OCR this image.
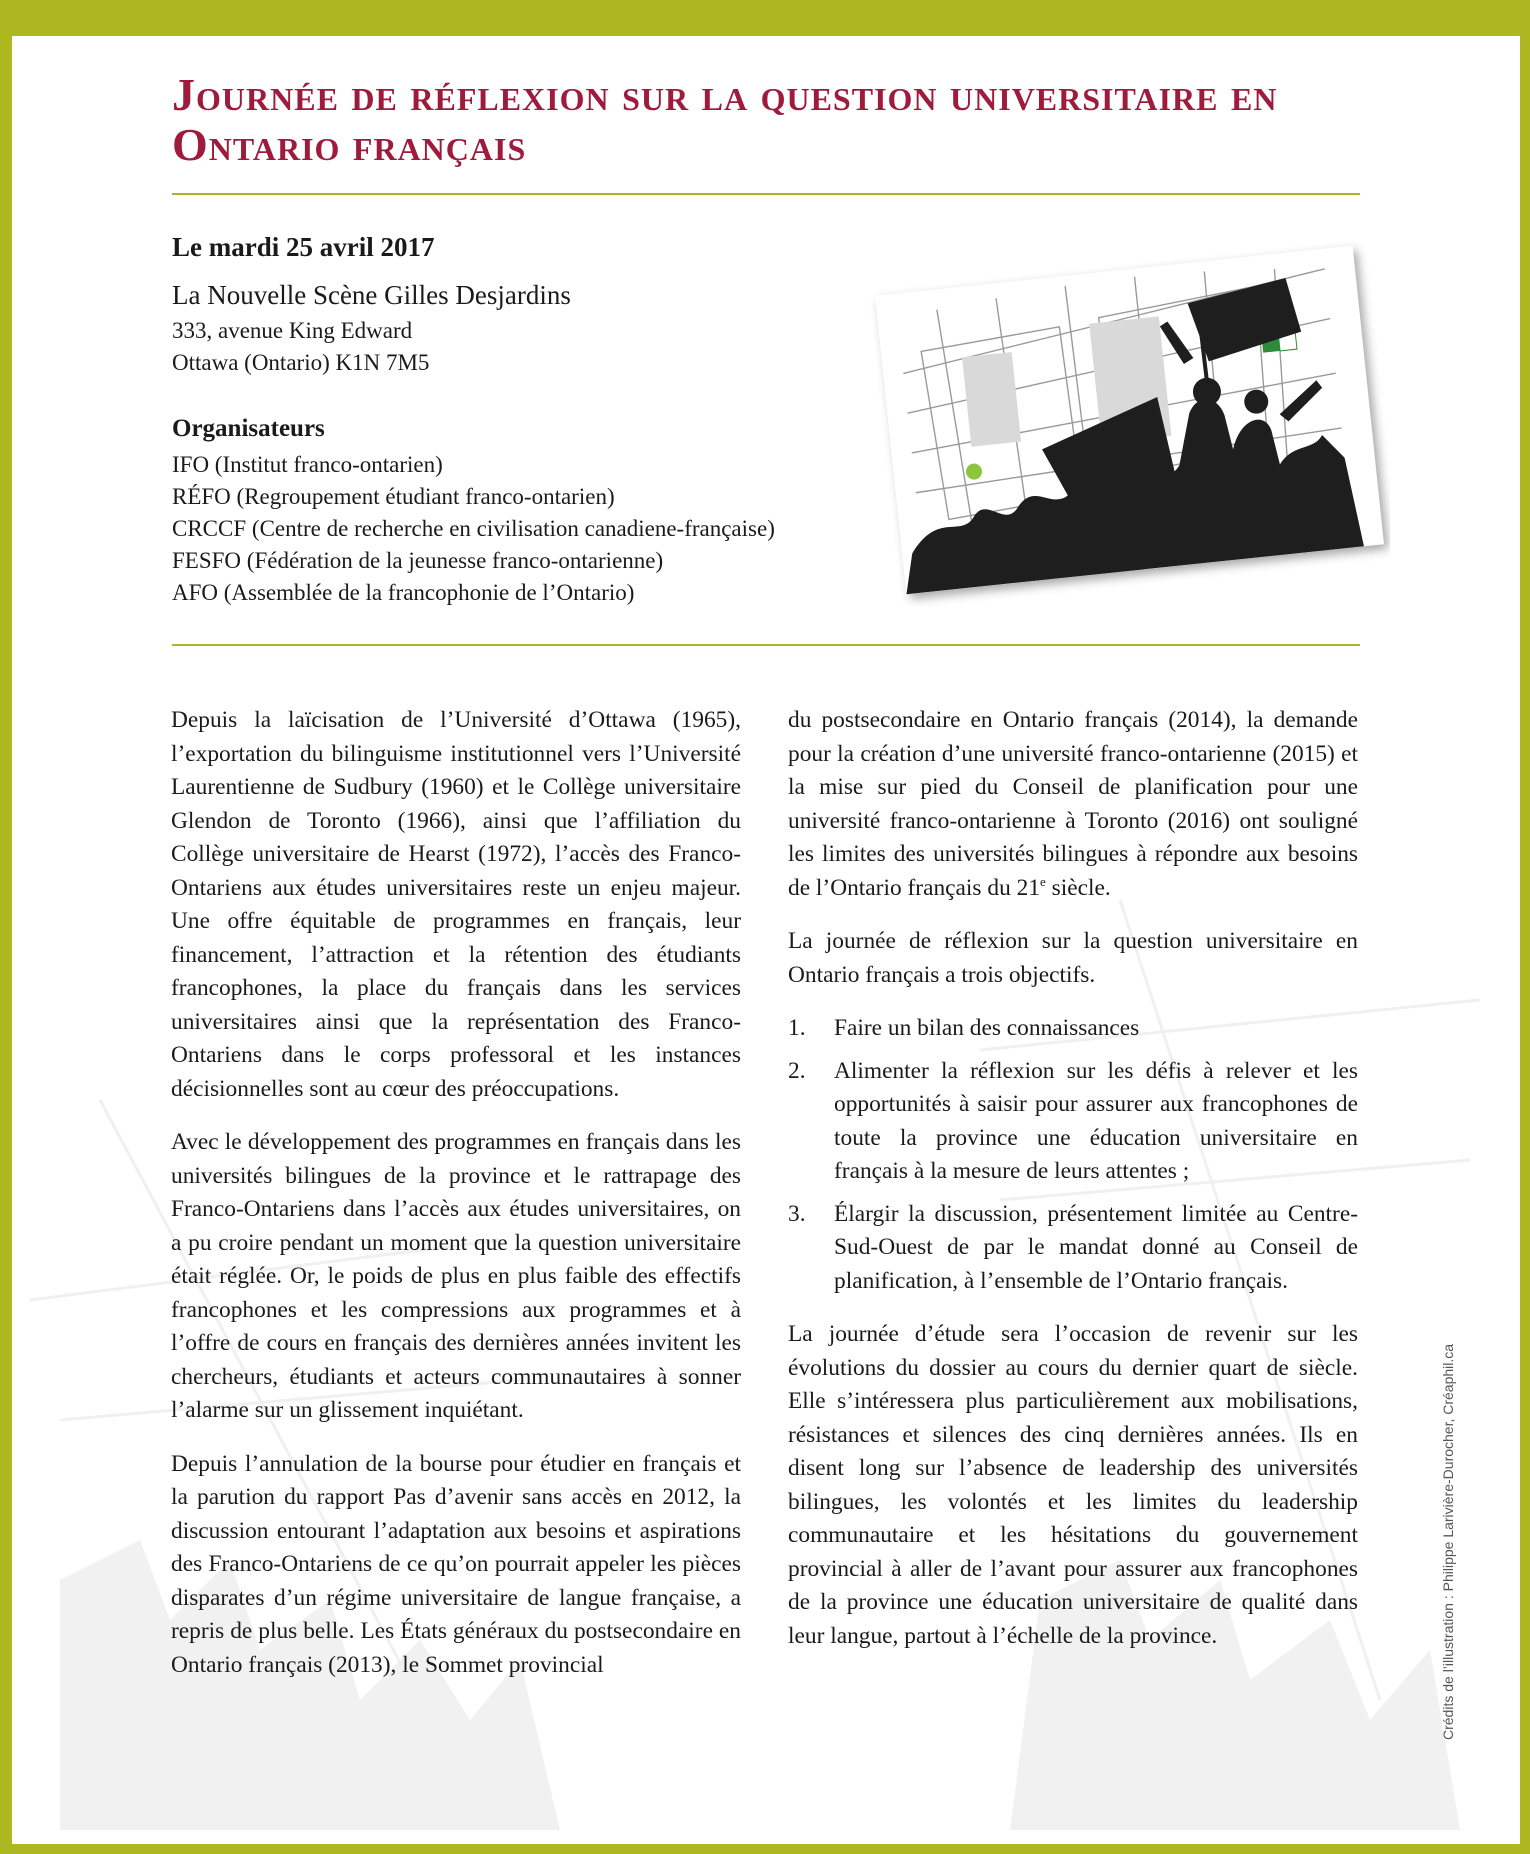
Journée de réflexion sur la question universitaire en Ontario français
Le mardi 25 avril 2017
La Nouvelle Scène Gilles Desjardins
333, avenue King Edward
Ottawa (Ontario) K1N 7M5
Organisateurs
IFO (Institut franco-ontarien)
RÉFO (Regroupement étudiant franco-ontarien)
CRCCF (Centre de recherche en civilisation canadiene-française)
FESFO (Fédération de la jeunesse franco-ontarienne)
AFO (Assemblée de la francophonie de l’Ontario)

Depuis la laïcisation de l’Université d’Ottawa (1965), l’exportation du bilinguisme institutionnel vers l’Université Laurentienne de Sudbury (1960) et le Collège universitaire Glendon de Toronto (1966), ainsi que l’affiliation du Collège universitaire de Hearst (1972), l’accès des Franco-Ontariens aux études universitaires reste un enjeu majeur. Une offre équitable de programmes en français, leur financement, l’attraction et la rétention des étudiants francophones, la place du français dans les services universitaires ainsi que la représentation des Franco-Ontariens dans le corps professoral et les instances décisionnelles sont au cœur des préoccupations.

Avec le développement des programmes en français dans les universités bilingues de la province et le rattrapage des Franco-Ontariens dans l’accès aux études universitaires, on a pu croire pendant un moment que la question universitaire était réglée. Or, le poids de plus en plus faible des effectifs francophones et les compressions aux programmes et à l’offre de cours en français des dernières années invitent les chercheurs, étudiants et acteurs communautaires à sonner l’alarme sur un glissement inquiétant.

Depuis l’annulation de la bourse pour étudier en français et la parution du rapport Pas d’avenir sans accès en 2012, la discussion entourant l’adaptation aux besoins et aspirations des Franco-Ontariens de ce qu’on pourrait appeler les pièces disparates d’un régime universitaire de langue française, a repris de plus belle. Les États généraux du postsecondaire en Ontario français (2013), le Sommet provincial

du postsecondaire en Ontario français (2014), la demande pour la création d’une université franco-ontarienne (2015) et la mise sur pied du Conseil de planification pour une université franco-ontarienne à Toronto (2016) ont souligné les limites des universités bilingues à répondre aux besoins de l’Ontario français du 21e siècle.

La journée de réflexion sur la question universitaire en Ontario français a trois objectifs.

1. Faire un bilan des connaissances
2. Alimenter la réflexion sur les défis à relever et les opportunités à saisir pour assurer aux francophones de toute la province une éducation universitaire en français à la mesure de leurs attentes ;
3. Élargir la discussion, présentement limitée au Centre-Sud-Ouest de par le mandat donné au Conseil de planification, à l’ensemble de l’Ontario français.

La journée d’étude sera l’occasion de revenir sur les évolutions du dossier au cours du dernier quart de siècle. Elle s’intéressera plus particulièrement aux mobilisations, résistances et silences des cinq dernières années. Ils en disent long sur l’absence de leadership des universités bilingues, les volontés et les limites du leadership communautaire et les hésitations du gouvernement provincial à aller de l’avant pour assurer aux francophones de la province une éducation universitaire de qualité dans leur langue, partout à l’échelle de la province.	Crédits de l’illustration : Philippe Larivière-Durocher, Créaphil.ca
